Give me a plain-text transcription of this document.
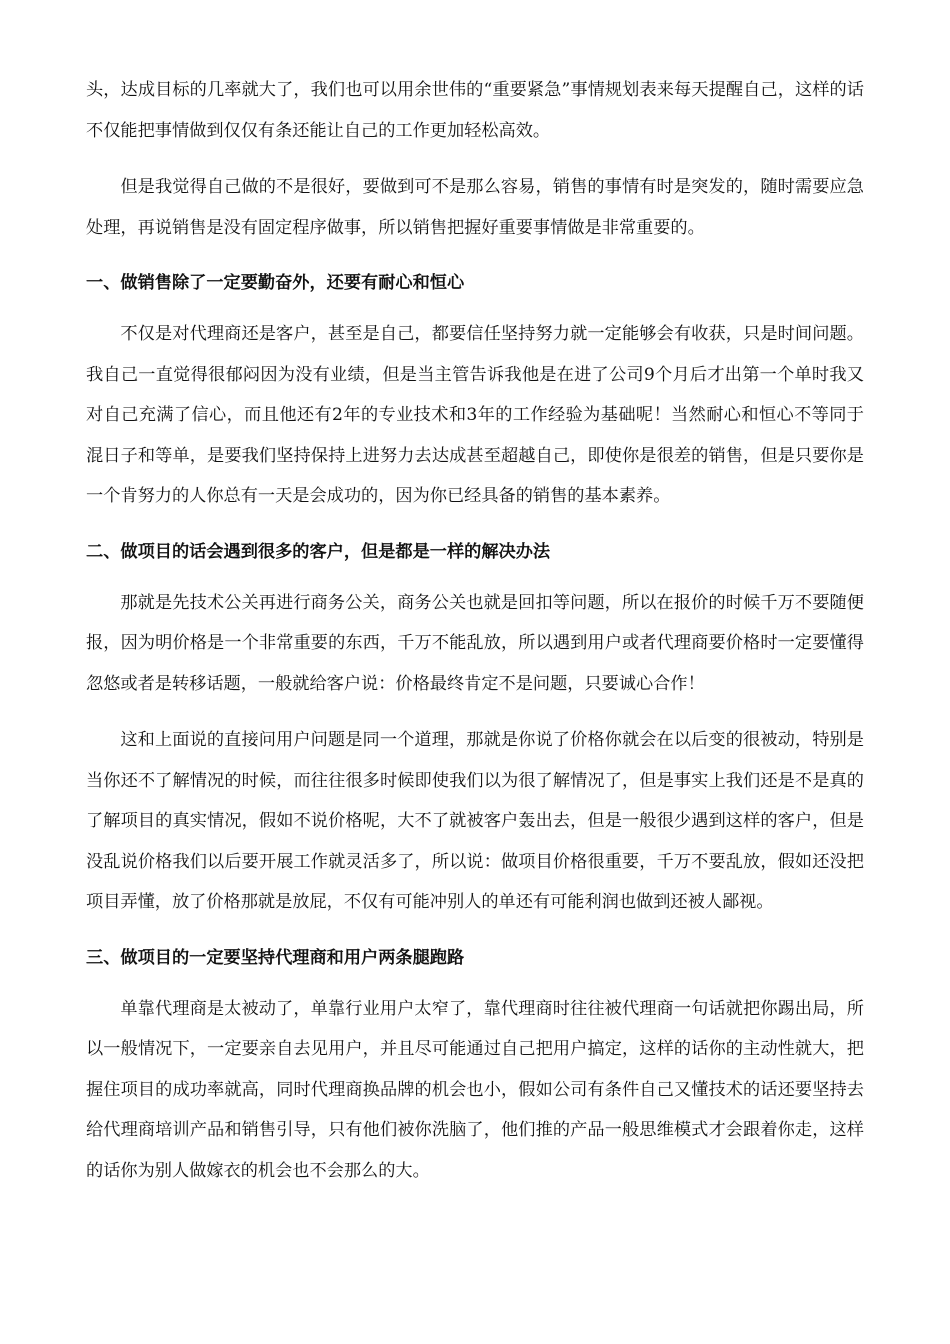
头，达成目标的几率就大了，我们也可以用余世伟的“重要紧急”事情规划表来每天提醒自己，这样的话不仅能把事情做到仅仅有条还能让自己的工作更加轻松高效。

但是我觉得自己做的不是很好，要做到可不是那么容易，销售的事情有时是突发的，随时需要应急处理，再说销售是没有固定程序做事，所以销售把握好重要事情做是非常重要的。

一、做销售除了一定要勤奋外，还要有耐心和恒心

不仅是对代理商还是客户，甚至是自己，都要信任坚持努力就一定能够会有收获，只是时间问题。我自己一直觉得很郁闷因为没有业绩，但是当主管告诉我他是在进了公司9个月后才出第一个单时我又对自己充满了信心，而且他还有2年的专业技术和3年的工作经验为基础呢！当然耐心和恒心不等同于混日子和等单，是要我们坚持保持上进努力去达成甚至超越自己，即使你是很差的销售，但是只要你是一个肯努力的人你总有一天是会成功的，因为你已经具备的销售的基本素养。

二、做项目的话会遇到很多的客户，但是都是一样的解决办法

那就是先技术公关再进行商务公关，商务公关也就是回扣等问题，所以在报价的时候千万不要随便报，因为明价格是一个非常重要的东西，千万不能乱放，所以遇到用户或者代理商要价格时一定要懂得忽悠或者是转移话题，一般就给客户说：价格最终肯定不是问题，只要诚心合作！

这和上面说的直接问用户问题是同一个道理，那就是你说了价格你就会在以后变的很被动，特别是当你还不了解情况的时候，而往往很多时候即使我们以为很了解情况了，但是事实上我们还是不是真的了解项目的真实情况，假如不说价格呢，大不了就被客户轰出去，但是一般很少遇到这样的客户，但是没乱说价格我们以后要开展工作就灵活多了，所以说：做项目价格很重要，千万不要乱放，假如还没把项目弄懂，放了价格那就是放屁，不仅有可能冲别人的单还有可能利润也做到还被人鄙视。

三、做项目的一定要坚持代理商和用户两条腿跑路

单靠代理商是太被动了，单靠行业用户太窄了，靠代理商时往往被代理商一句话就把你踢出局，所以一般情况下，一定要亲自去见用户，并且尽可能通过自己把用户搞定，这样的话你的主动性就大，把握住项目的成功率就高，同时代理商换品牌的机会也小，假如公司有条件自己又懂技术的话还要坚持去给代理商培训产品和销售引导，只有他们被你洗脑了，他们推的产品一般思维模式才会跟着你走，这样的话你为别人做嫁衣的机会也不会那么的大。
